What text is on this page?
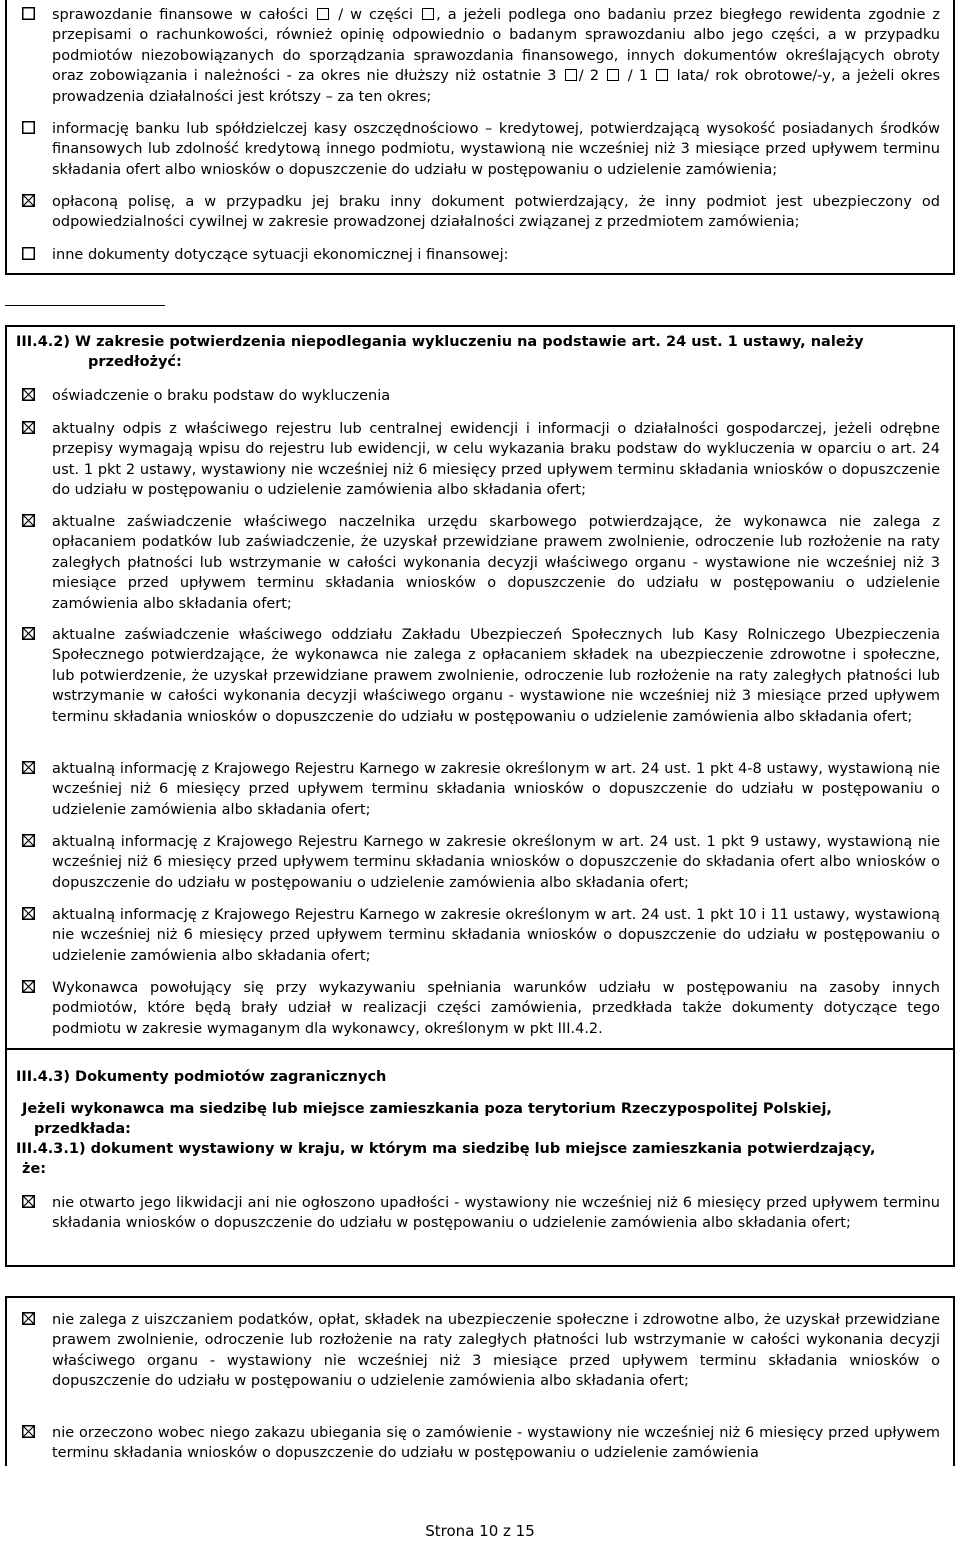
sprawozdanie finansowe w całości / w części , a jeżeli podlega ono badaniu przez biegłego rewidenta zgodnie z przepisami o rachunkowości, również opinię odpowiednio o badanym sprawozdaniu albo jego części, a w przypadku podmiotów niezobowiązanych do sporządzania sprawozdania finansowego, innych dokumentów określających obroty oraz zobowiązania i należności - za okres nie dłuższy niż ostatnie 3 / 2 / 1 lata/ rok obrotowe/-y, a jeżeli okres prowadzenia działalności jest krótszy – za ten okres;
informację banku lub spółdzielczej kasy oszczędnościowo – kredytowej, potwierdzającą wysokość posiadanych środków finansowych lub zdolność kredytową innego podmiotu, wystawioną nie wcześniej niż 3 miesiące przed upływem terminu składania ofert albo wniosków o dopuszczenie do udziału w postępowaniu o udzielenie zamówienia;
opłaconą polisę, a w przypadku jej braku inny dokument potwierdzający, że inny podmiot jest ubezpieczony od odpowiedzialności cywilnej w zakresie prowadzonej działalności związanej z przedmiotem zamówienia;
inne dokumenty dotyczące sytuacji ekonomicznej i finansowej:
III.4.2) W zakresie potwierdzenia niepodlegania wykluczeniu na podstawie art. 24 ust. 1 ustawy, należy
przedłożyć:
oświadczenie o braku podstaw do wykluczenia
aktualny odpis z właściwego rejestru lub centralnej ewidencji i informacji o działalności gospodarczej, jeżeli odrębne przepisy wymagają wpisu do rejestru lub ewidencji, w celu wykazania braku podstaw do wykluczenia w oparciu o art. 24 ust. 1 pkt 2 ustawy, wystawiony nie wcześniej niż 6 miesięcy przed upływem terminu składania wniosków o dopuszczenie do udziału w postępowaniu o udzielenie zamówienia albo składania ofert;
aktualne zaświadczenie właściwego naczelnika urzędu skarbowego potwierdzające, że wykonawca nie zalega z opłacaniem podatków lub zaświadczenie, że uzyskał przewidziane prawem zwolnienie, odroczenie lub rozłożenie na raty zaległych płatności lub wstrzymanie w całości wykonania decyzji właściwego organu - wystawione nie wcześniej niż 3 miesiące przed upływem terminu składania wniosków o dopuszczenie do udziału w postępowaniu o udzielenie zamówienia albo składania ofert;
aktualne zaświadczenie właściwego oddziału Zakładu Ubezpieczeń Społecznych lub Kasy Rolniczego Ubezpieczenia Społecznego potwierdzające, że wykonawca nie zalega z opłacaniem składek na ubezpieczenie zdrowotne i społeczne, lub potwierdzenie, że uzyskał przewidziane prawem zwolnienie, odroczenie lub rozłożenie na raty zaległych płatności lub wstrzymanie w całości wykonania decyzji właściwego organu - wystawione nie wcześniej niż 3 miesiące przed upływem terminu składania wniosków o dopuszczenie do udziału w postępowaniu o udzielenie zamówienia albo składania ofert;
aktualną informację z Krajowego Rejestru Karnego w zakresie określonym w art. 24 ust. 1 pkt 4-8 ustawy, wystawioną nie wcześniej niż 6 miesięcy przed upływem terminu składania wniosków o dopuszczenie do udziału w postępowaniu o udzielenie zamówienia albo składania ofert;
aktualną informację z Krajowego Rejestru Karnego w zakresie określonym w art. 24 ust. 1 pkt 9 ustawy, wystawioną nie wcześniej niż 6 miesięcy przed upływem terminu składania wniosków o dopuszczenie do składania ofert albo wniosków o dopuszczenie do udziału w postępowaniu o udzielenie zamówienia albo składania ofert;
aktualną informację z Krajowego Rejestru Karnego w zakresie określonym w art. 24 ust. 1 pkt 10 i 11 ustawy, wystawioną nie wcześniej niż 6 miesięcy przed upływem terminu składania wniosków o dopuszczenie do udziału w postępowaniu o udzielenie zamówienia albo składania ofert;
Wykonawca powołujący się przy wykazywaniu spełniania warunków udziału w postępowaniu na zasoby innych podmiotów, które będą brały udział w realizacji części zamówienia, przedkłada także dokumenty dotyczące tego podmiotu w zakresie wymaganym dla wykonawcy, określonym w pkt III.4.2.
III.4.3) Dokumenty podmiotów zagranicznych
Jeżeli wykonawca ma siedzibę lub miejsce zamieszkania poza terytorium Rzeczypospolitej Polskiej,
przedkłada:
III.4.3.1) dokument wystawiony w kraju, w którym ma siedzibę lub miejsce zamieszkania potwierdzający,
że:
nie otwarto jego likwidacji ani nie ogłoszono upadłości - wystawiony nie wcześniej niż 6 miesięcy przed upływem terminu składania wniosków o dopuszczenie do udziału w postępowaniu o udzielenie zamówienia albo składania ofert;
nie zalega z uiszczaniem podatków, opłat, składek na ubezpieczenie społeczne i zdrowotne albo, że uzyskał przewidziane prawem zwolnienie, odroczenie lub rozłożenie na raty zaległych płatności lub wstrzymanie w całości wykonania decyzji właściwego organu - wystawiony nie wcześniej niż 3 miesiące przed upływem terminu składania wniosków o dopuszczenie do udziału w postępowaniu o udzielenie zamówienia albo składania ofert;
nie orzeczono wobec niego zakazu ubiegania się o zamówienie - wystawiony nie wcześniej niż 6 miesięcy przed upływem terminu składania wniosków o dopuszczenie do udziału w postępowaniu o udzielenie zamówienia
Strona 10 z 15
